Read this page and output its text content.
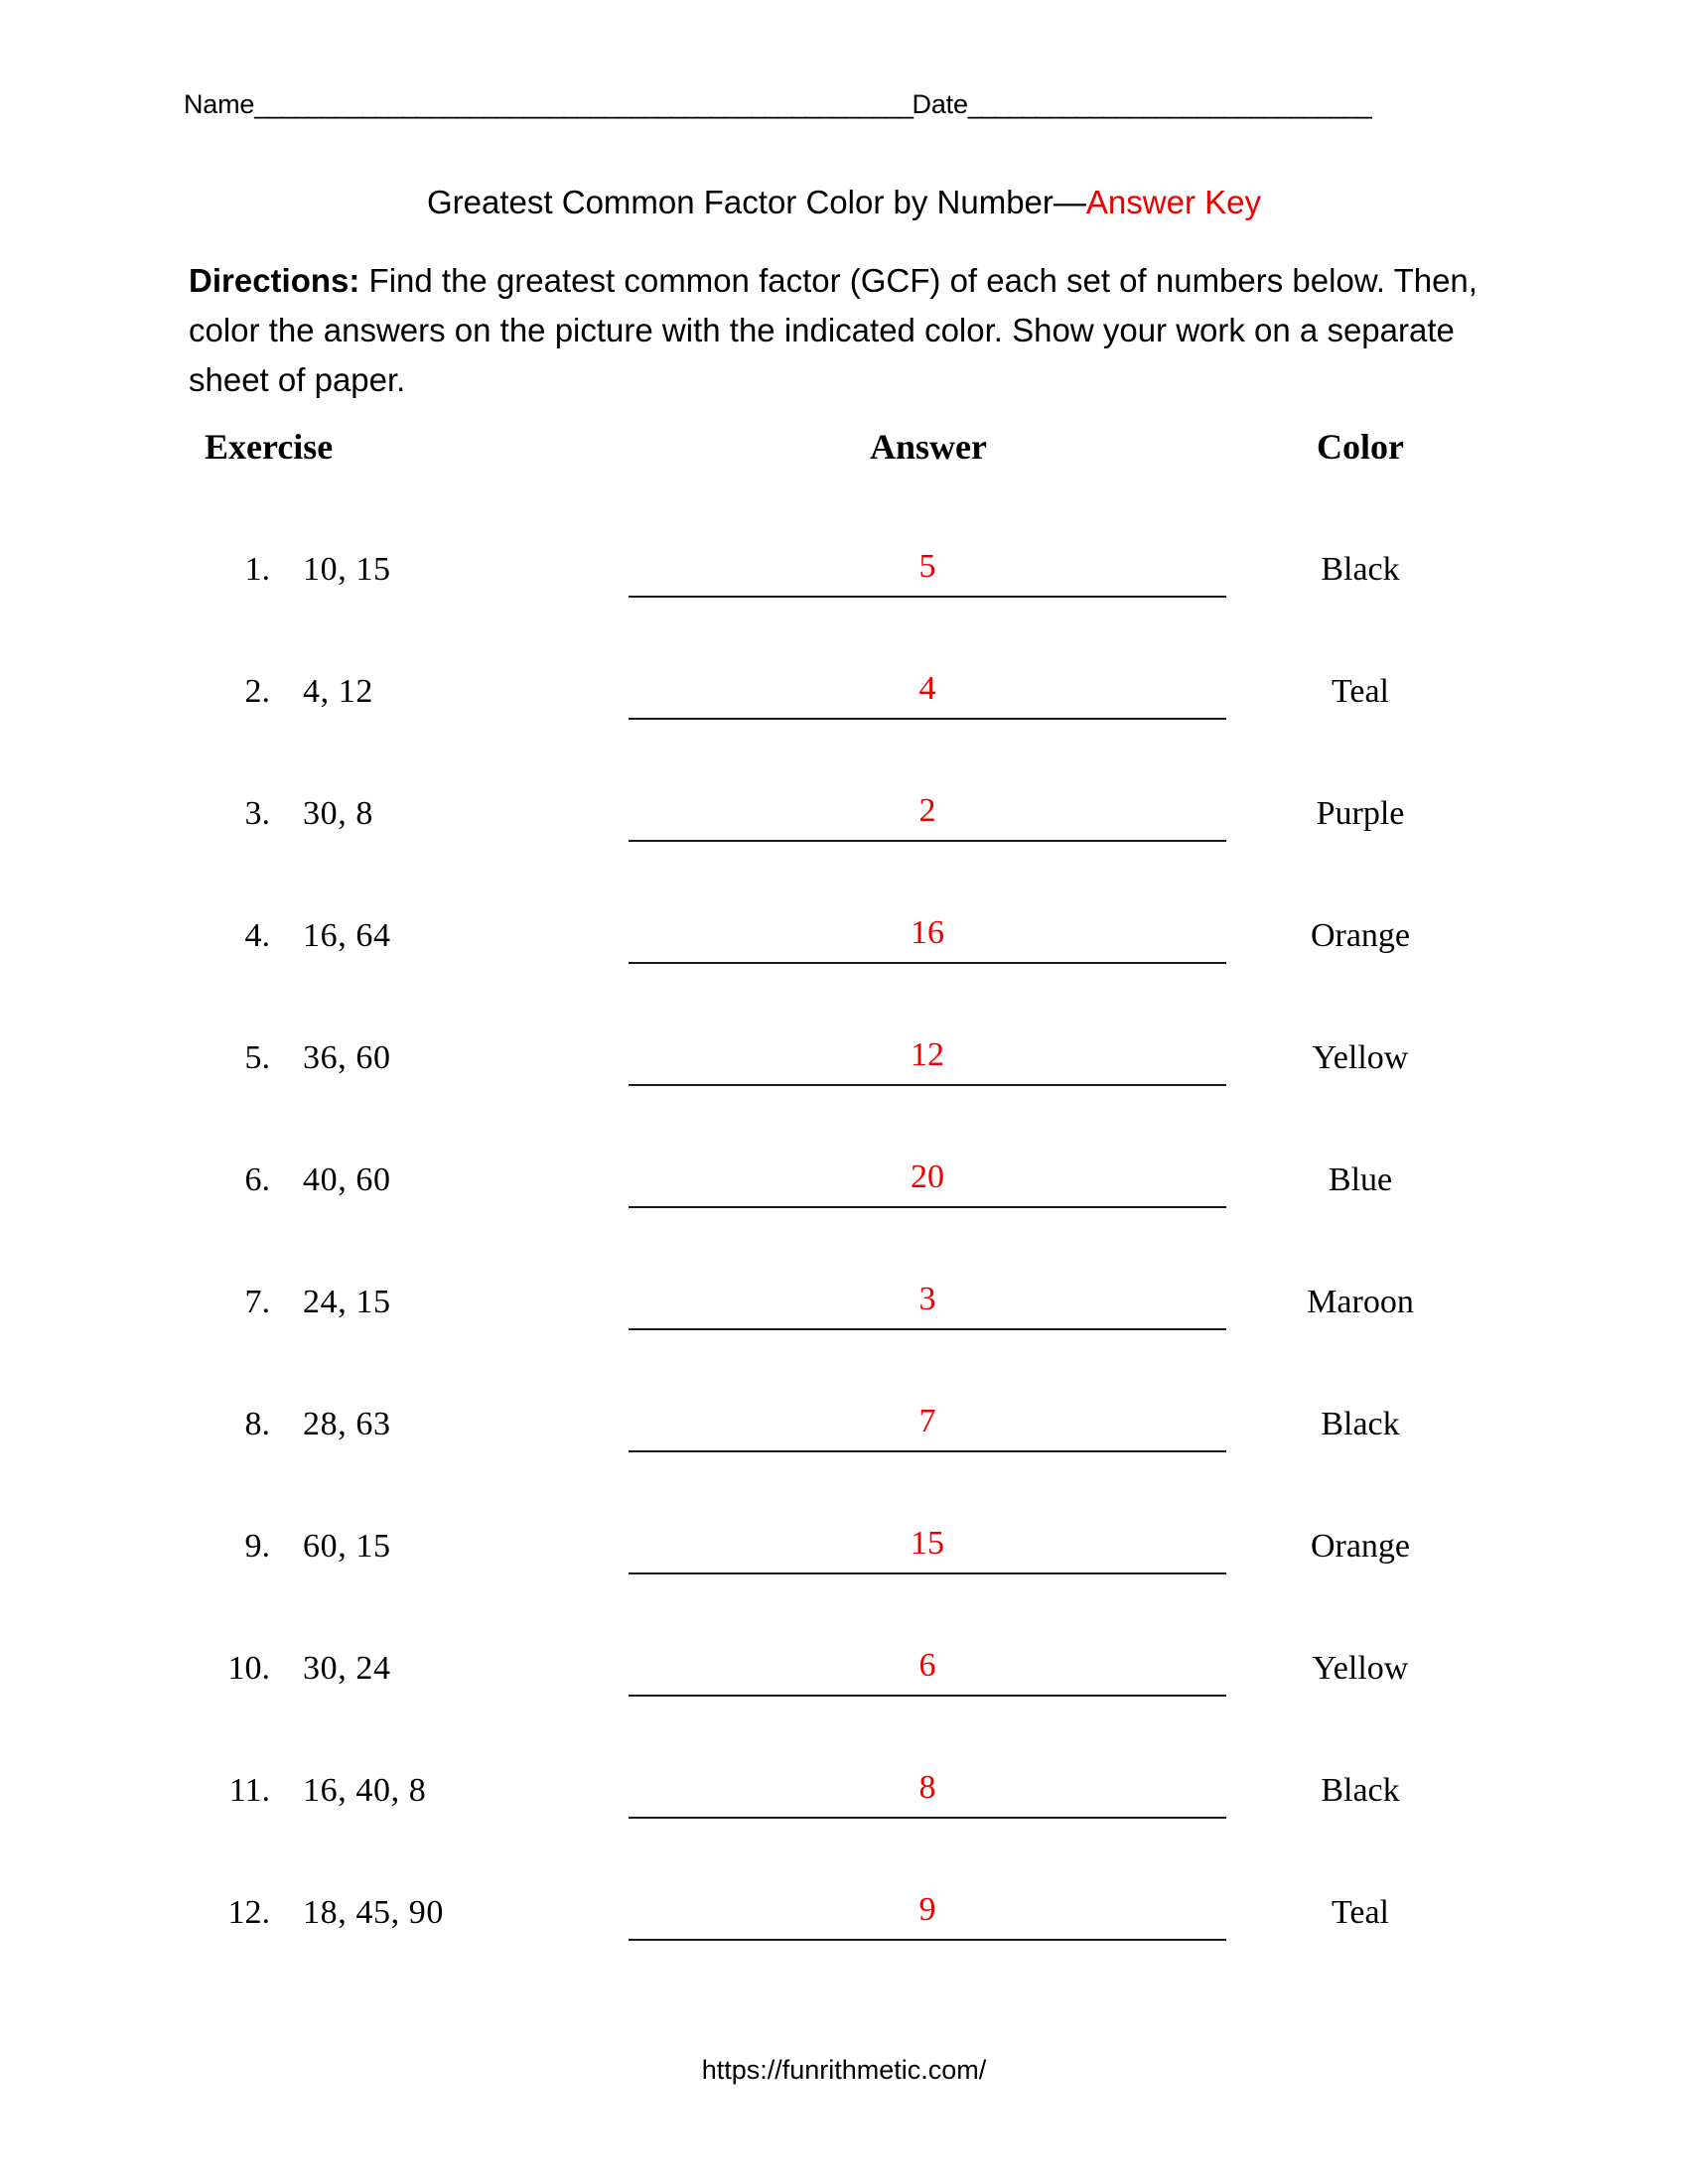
Name_________________________________________________Date______________________________
Greatest Common Factor Color by Number—Answer Key
Directions: Find the greatest common factor (GCF) of each set of numbers below. Then, color the answers on the picture with the indicated color. Show your work on a separate sheet of paper.
Exercise	Answer	Color
1. 10, 15	5	Black
2. 4, 12	4	Teal
3. 30, 8	2	Purple
4. 16, 64	16	Orange
5. 36, 60	12	Yellow
6. 40, 60	20	Blue
7. 24, 15	3	Maroon
8. 28, 63	7	Black
9. 60, 15	15	Orange
10. 30, 24	6	Yellow
11. 16, 40, 8	8	Black
12. 18, 45, 90	9	Teal
https://funrithmetic.com/
